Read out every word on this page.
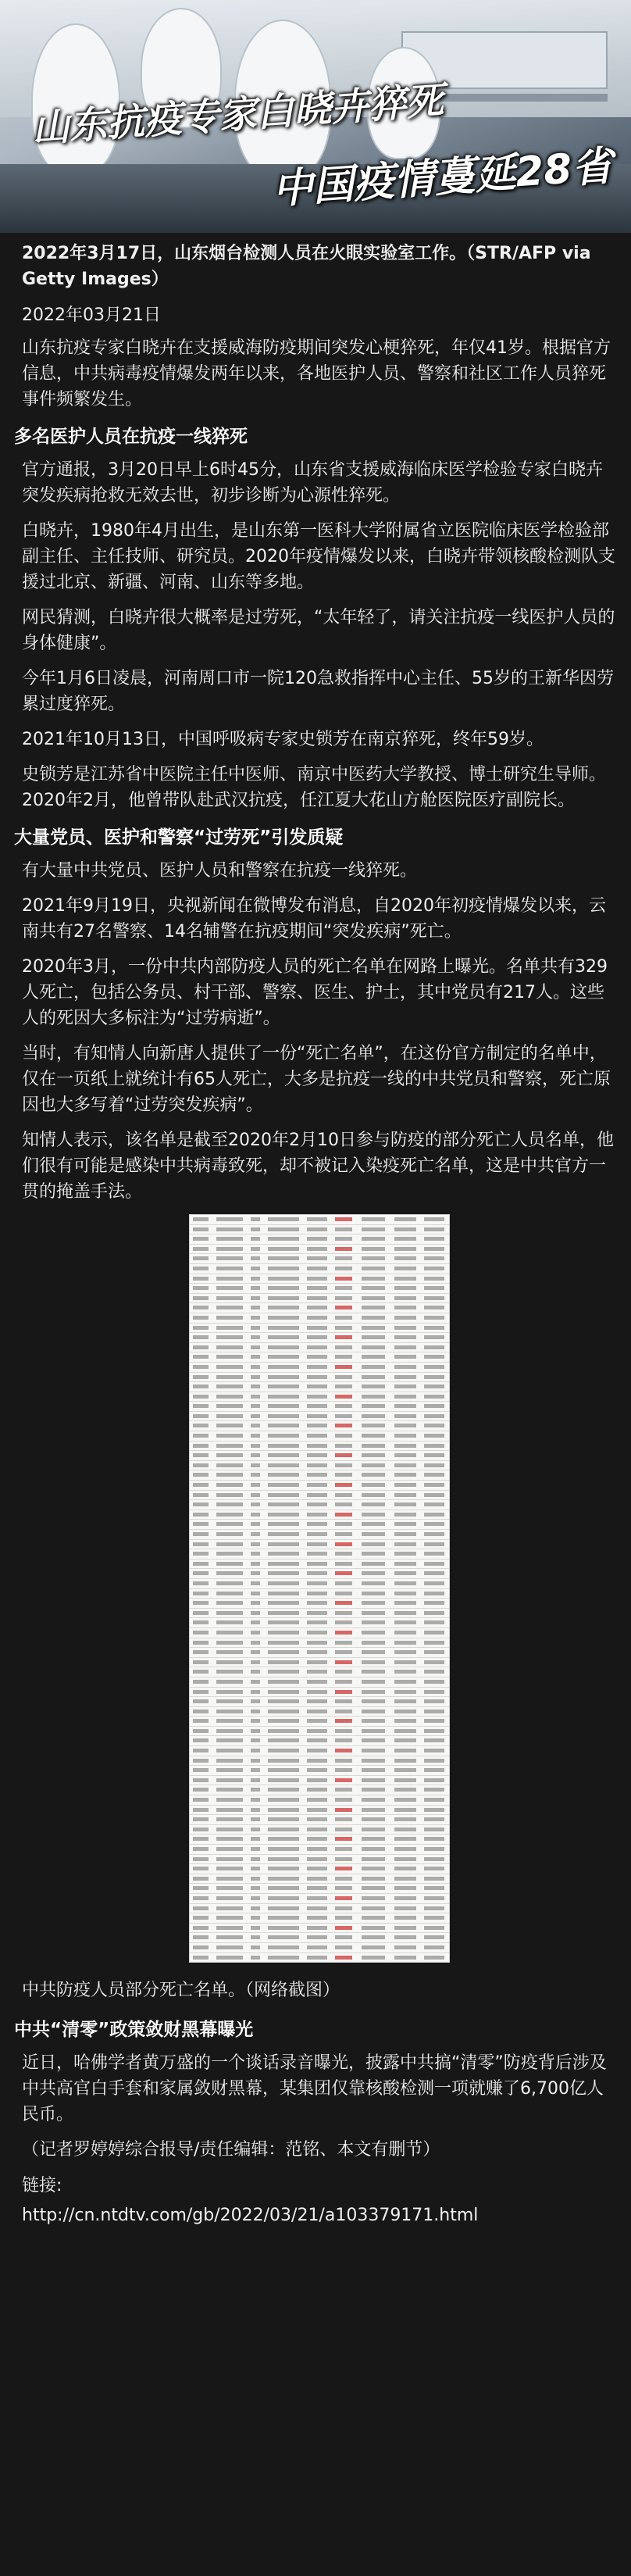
山东抗疫专家白晓卉猝死
中国疫情蔓延28省

2022年3月17日，山东烟台检测人员在火眼实验室工作。（STR/AFP via Getty Images）

2022年03月21日

山东抗疫专家白晓卉在支援威海防疫期间突发心梗猝死，年仅41岁。根据官方信息，中共病毒疫情爆发两年以来，各地医护人员、警察和社区工作人员猝死事件频繁发生。

多名医护人员在抗疫一线猝死

官方通报，3月20日早上6时45分，山东省支援威海临床医学检验专家白晓卉突发疾病抢救无效去世，初步诊断为心源性猝死。

白晓卉，1980年4月出生，是山东第一医科大学附属省立医院临床医学检验部副主任、主任技师、研究员。2020年疫情爆发以来，白晓卉带领核酸检测队支援过北京、新疆、河南、山东等多地。

网民猜测，白晓卉很大概率是过劳死，“太年轻了，请关注抗疫一线医护人员的身体健康”。

今年1月6日凌晨，河南周口市一院120急救指挥中心主任、55岁的王新华因劳累过度猝死。

2021年10月13日，中国呼吸病专家史锁芳在南京猝死，终年59岁。

史锁芳是江苏省中医院主任中医师、南京中医药大学教授、博士研究生导师。2020年2月，他曾带队赴武汉抗疫，任江夏大花山方舱医院医疗副院长。

大量党员、医护和警察“过劳死”引发质疑

有大量中共党员、医护人员和警察在抗疫一线猝死。

2021年9月19日，央视新闻在微博发布消息，自2020年初疫情爆发以来，云南共有27名警察、14名辅警在抗疫期间“突发疾病”死亡。

2020年3月，一份中共内部防疫人员的死亡名单在网路上曝光。名单共有329人死亡，包括公务员、村干部、警察、医生、护士，其中党员有217人。这些人的死因大多标注为“过劳病逝”。

当时，有知情人向新唐人提供了一份“死亡名单”，在这份官方制定的名单中，仅在一页纸上就统计有65人死亡，大多是抗疫一线的中共党员和警察，死亡原因也大多写着“过劳突发疾病”。

知情人表示，该名单是截至2020年2月10日参与防疫的部分死亡人员名单，他们很有可能是感染中共病毒致死，却不被记入染疫死亡名单，这是中共官方一贯的掩盖手法。

中共防疫人员部分死亡名单。（网络截图）
中共“清零”政策敛财黑幕曝光

近日，哈佛学者黄万盛的一个谈话录音曝光，披露中共搞“清零”防疫背后涉及中共高官白手套和家属敛财黑幕，某集团仅靠核酸检测一项就赚了6,700亿人民币。

（记者罗婷婷综合报导/责任编辑：范铭、本文有删节）

链接:
http://cn.ntdtv.com/gb/2022/03/21/a103379171.html
